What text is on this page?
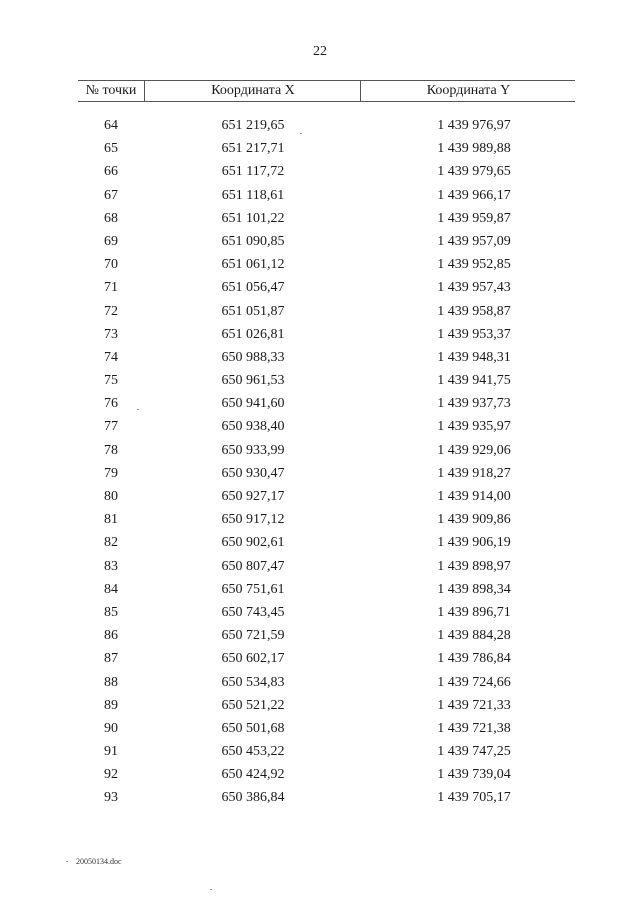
22
№ точки	Координата X	Координата Y
64	651 219,65	1 439 976,97
65	651 217,71	1 439 989,88
66	651 117,72	1 439 979,65
67	651 118,61	1 439 966,17
68	651 101,22	1 439 959,87
69	651 090,85	1 439 957,09
70	651 061,12	1 439 952,85
71	651 056,47	1 439 957,43
72	651 051,87	1 439 958,87
73	651 026,81	1 439 953,37
74	650 988,33	1 439 948,31
75	650 961,53	1 439 941,75
76	650 941,60	1 439 937,73
77	650 938,40	1 439 935,97
78	650 933,99	1 439 929,06
79	650 930,47	1 439 918,27
80	650 927,17	1 439 914,00
81	650 917,12	1 439 909,86
82	650 902,61	1 439 906,19
83	650 807,47	1 439 898,97
84	650 751,61	1 439 898,34
85	650 743,45	1 439 896,71
86	650 721,59	1 439 884,28
87	650 602,17	1 439 786,84
88	650 534,83	1 439 724,66
89	650 521,22	1 439 721,33
90	650 501,68	1 439 721,38
91	650 453,22	1 439 747,25
92	650 424,92	1 439 739,04
93	650 386,84	1 439 705,17
20050134.doc
